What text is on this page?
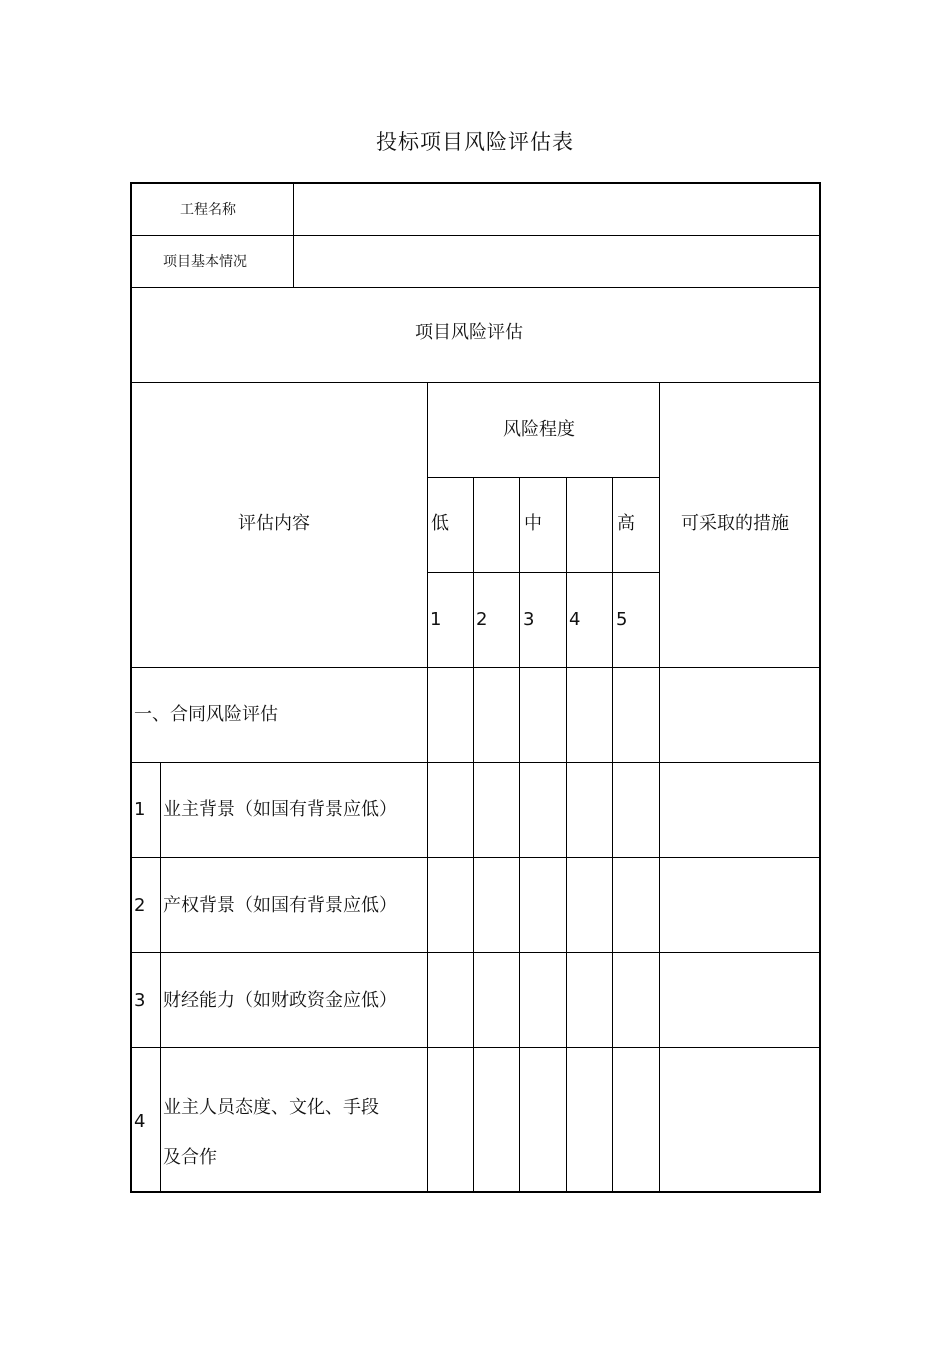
投标项目风险评估表
工程名称
项目基本情况
项目风险评估
评估内容
风险程度
可采取的措施
低	中	高
1 2 3 4 5
一、合同风险评估
1 业主背景（如国有背景应低）
2 产权背景（如国有背景应低）
3 财经能力（如财政资金应低）
4
业主人员态度、文化、手段
及合作
